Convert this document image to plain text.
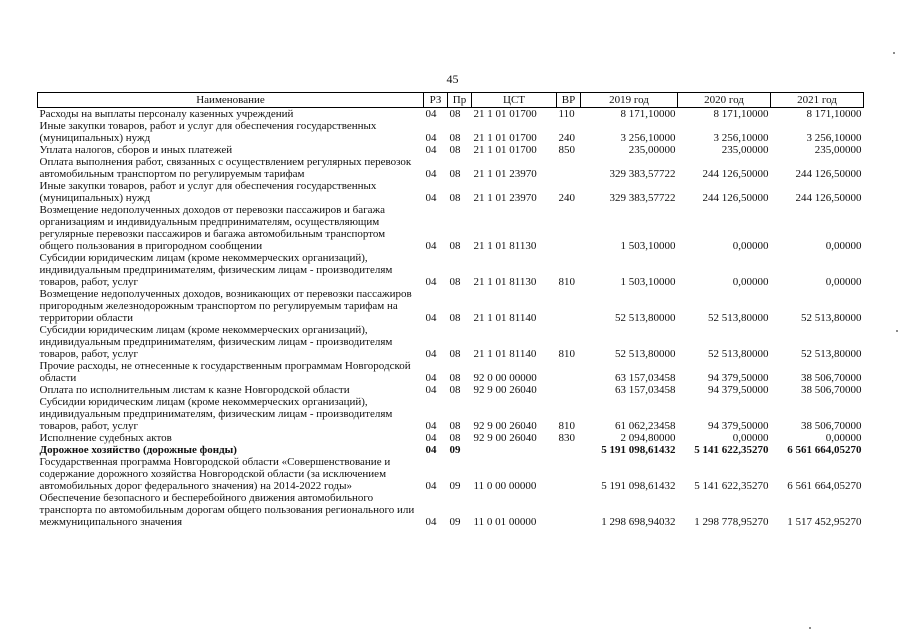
45
Наименование	РЗ	Пр	ЦСТ	ВР	2019 год	2020 год	2021 год
Расходы на выплаты персоналу казенных учреждений	04	08	21 1 01 01700	110	8 171,10000	8 171,10000	8 171,10000
Иные закупки товаров, работ и услуг для обеспечения государственных (муниципальных) нужд	04	08	21 1 01 01700	240	3 256,10000	3 256,10000	3 256,10000
Уплата налогов, сборов и иных платежей	04	08	21 1 01 01700	850	235,00000	235,00000	235,00000
Оплата выполнения работ, связанных с осуществлением регулярных перевозок автомобильным транспортом по регулируемым тарифам	04	08	21 1 01 23970		329 383,57722	244 126,50000	244 126,50000
Иные закупки товаров, работ и услуг для обеспечения государственных (муниципальных) нужд	04	08	21 1 01 23970	240	329 383,57722	244 126,50000	244 126,50000
Возмещение недополученных доходов от перевозки пассажиров и багажа организациям и индивидуальным предпринимателям, осуществляющим регулярные перевозки пассажиров и багажа автомобильным транспортом общего пользования в пригородном сообщении	04	08	21 1 01 81130		1 503,10000	0,00000	0,00000
Субсидии юридическим лицам (кроме некоммерческих организаций), индивидуальным предпринимателям, физическим лицам - производителям товаров, работ, услуг	04	08	21 1 01 81130	810	1 503,10000	0,00000	0,00000
Возмещение недополученных доходов, возникающих от перевозки пассажиров пригородным железнодорожным транспортом по регулируемым тарифам на территории области	04	08	21 1 01 81140		52 513,80000	52 513,80000	52 513,80000
Субсидии юридическим лицам (кроме некоммерческих организаций), индивидуальным предпринимателям, физическим лицам - производителям товаров, работ, услуг	04	08	21 1 01 81140	810	52 513,80000	52 513,80000	52 513,80000
Прочие расходы, не отнесенные к государственным программам Новгородской области	04	08	92 0 00 00000		63 157,03458	94 379,50000	38 506,70000
Оплата по исполнительным листам к казне Новгородской области	04	08	92 9 00 26040		63 157,03458	94 379,50000	38 506,70000
Субсидии юридическим лицам (кроме некоммерческих организаций), индивидуальным предпринимателям, физическим лицам - производителям товаров, работ, услуг	04	08	92 9 00 26040	810	61 062,23458	94 379,50000	38 506,70000
Исполнение судебных актов	04	08	92 9 00 26040	830	2 094,80000	0,00000	0,00000
Дорожное хозяйство (дорожные фонды)	04	09			5 191 098,61432	5 141 622,35270	6 561 664,05270
Государственная программа Новгородской области «Совершенствование и содержание дорожного хозяйства Новгородской области (за исключением автомобильных дорог федерального значения) на 2014-2022 годы»	04	09	11 0 00 00000		5 191 098,61432	5 141 622,35270	6 561 664,05270
Обеспечение безопасного и бесперебойного движения автомобильного транспорта по автомобильным дорогам общего пользования регионального или межмуниципального значения	04	09	11 0 01 00000		1 298 698,94032	1 298 778,95270	1 517 452,95270
